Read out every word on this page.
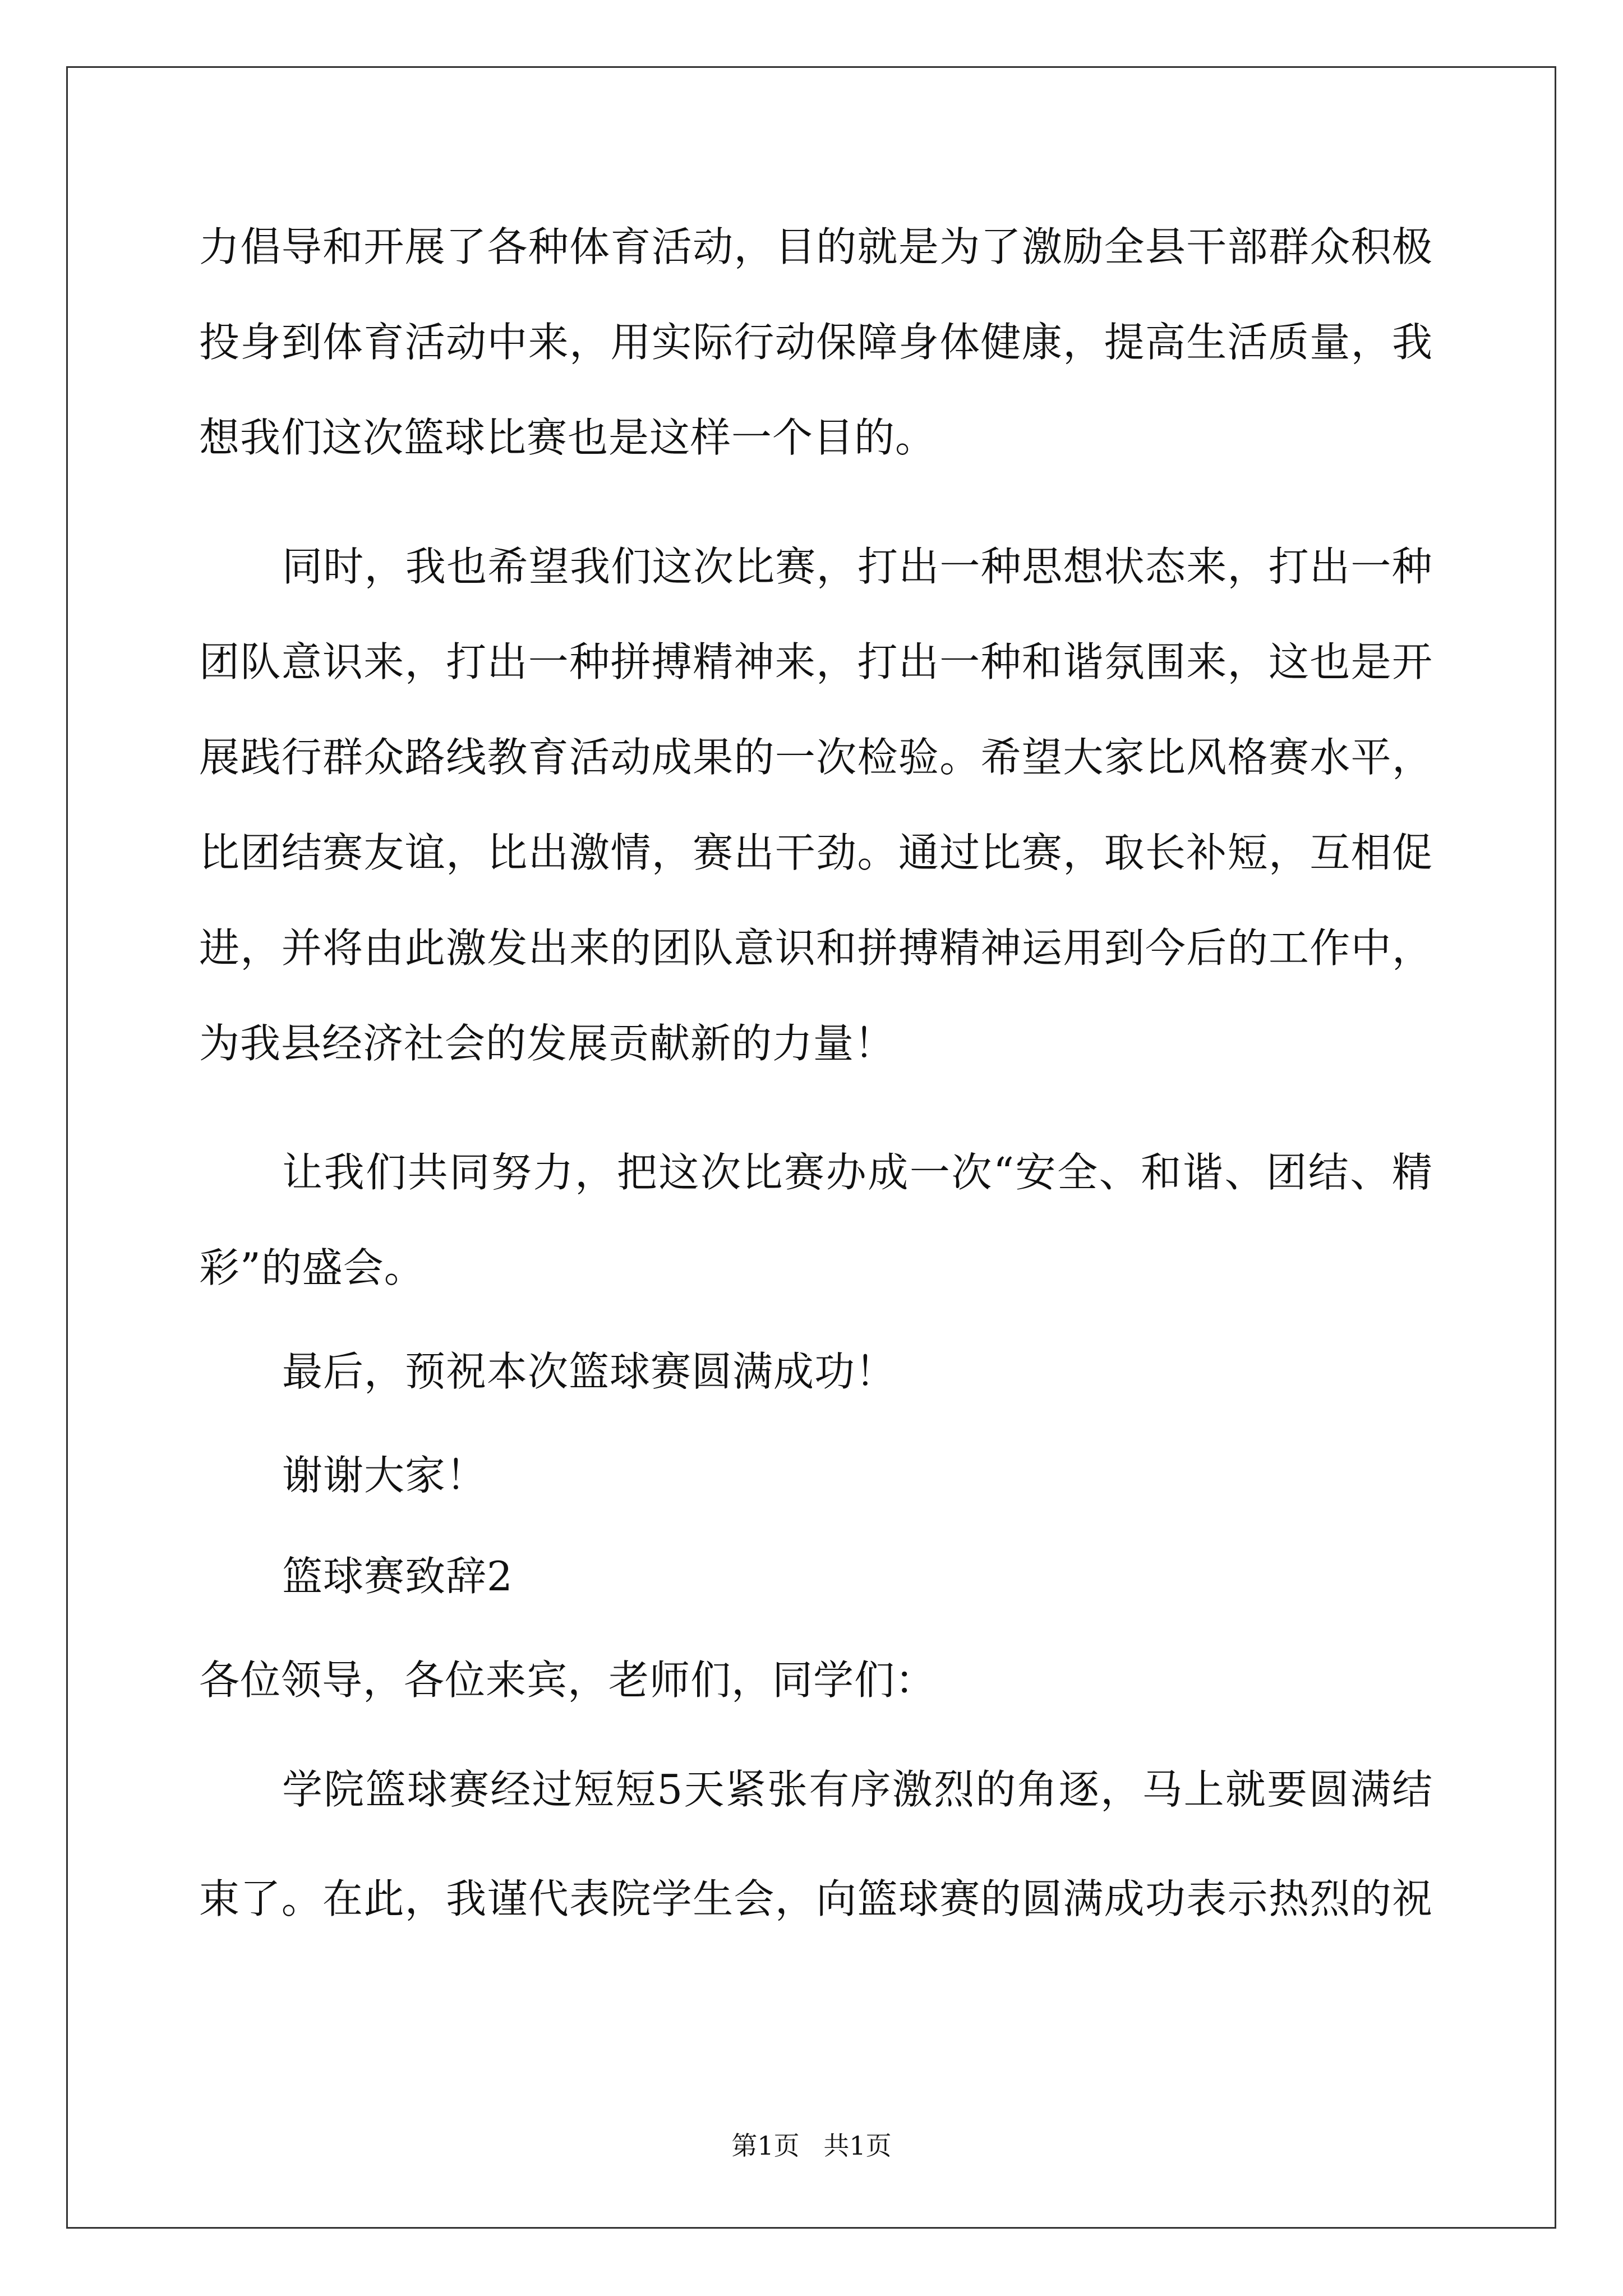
力 倡 导 和 开 展 了 各 种 体 育 活 动 ， 目 的 就 是 为 了 激 励 全 县 干 部 群 众 积 极
投 身 到 体 育 活 动 中 来 ， 用 实 际 行 动 保 障 身 体 健 康 ， 提 高 生 活 质 量 ， 我
想我们这次篮球比赛也是这样一个目的。
同 时 ， 我 也 希 望 我 们 这 次 比 赛 ， 打 出 一 种 思 想 状 态 来 ， 打 出 一 种
团 队 意 识 来 ， 打 出 一 种 拼 搏 精 神 来 ， 打 出 一 种 和 谐 氛 围 来 ， 这 也 是 开
展 践 行 群 众 路 线 教 育 活 动 成 果 的 一 次 检 验 。 希 望 大 家 比 风 格 赛 水 平 ，
比 团 结 赛 友 谊 ， 比 出 激 情 ， 赛 出 干 劲 。 通 过 比 赛 ， 取 长 补 短 ， 互 相 促
进 ， 并 将 由 此 激 发 出 来 的 团 队 意 识 和 拼 搏 精 神 运 用 到 今 后 的 工 作 中 ，
为我县经济社会的发展贡献新的力量！
让 我 们 共 同 努 力 ， 把 这 次 比 赛 办 成 一 次 “ 安 全 、 和 谐 、 团 结 、 精
彩”的盛会。
最后，预祝本次篮球赛圆满成功！
谢谢大家！
篮球赛致辞2
各位领导，各位来宾，老师们，同学们：
学 院 篮 球 赛 经 过 短 短 5 天 紧 张 有 序 激 烈 的 角 逐 ， 马 上 就 要 圆 满 结
束 了 。 在 此 ， 我 谨 代 表 院 学 生 会 ， 向 篮 球 赛 的 圆 满 成 功 表 示 热 烈 的 祝
第1页 共1页
